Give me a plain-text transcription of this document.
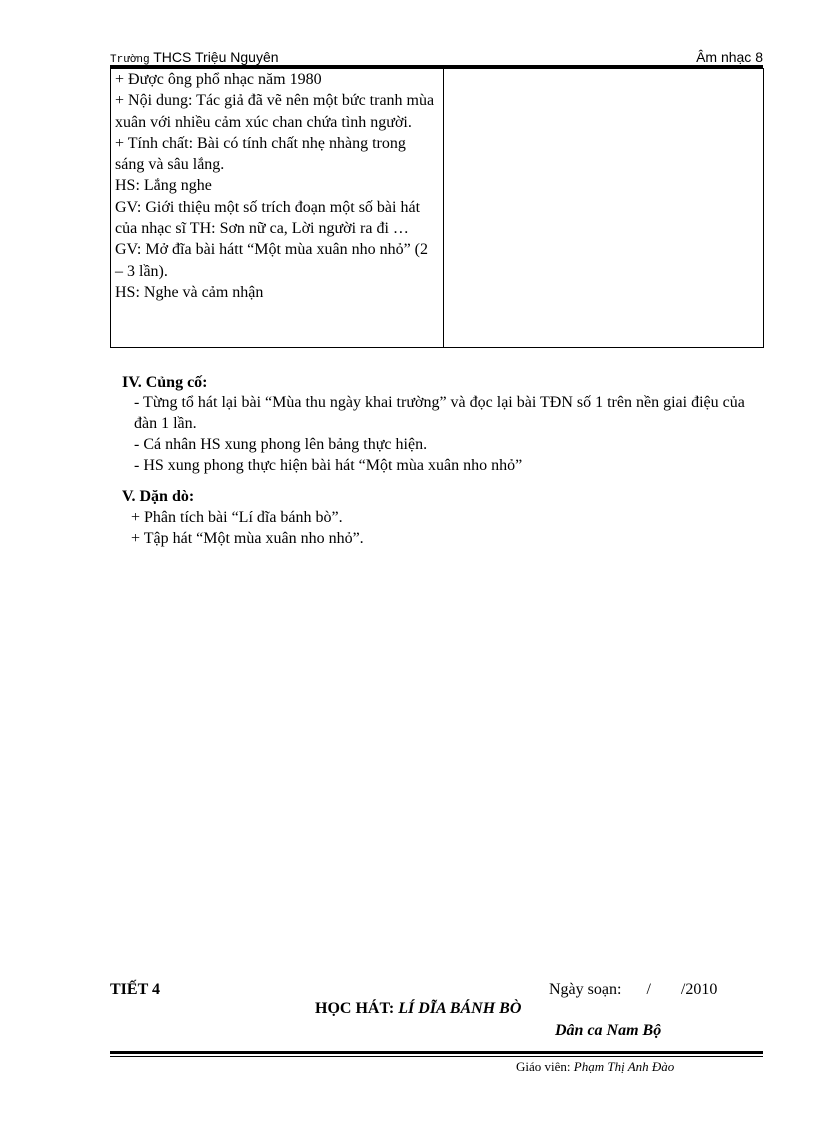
Trường THCS Triệu Nguyên	Âm nhạc 8
+ Được ông phổ nhạc năm 1980
+ Nội dung: Tác giả đã vẽ nên một bức tranh mùa xuân với nhiều cảm xúc chan chứa tình người.
+ Tính chất: Bài có tính chất nhẹ nhàng trong sáng và sâu lắng.
HS: Lắng nghe
GV: Giới thiệu một số trích đoạn một số bài hát của nhạc sĩ TH: Sơn nữ ca, Lời người ra đi …
GV: Mở đĩa bài hátt “Một mùa xuân nho nhỏ” (2 – 3 lần).
HS: Nghe và cảm nhận

IV. Củng cố:

- Từng tổ hát lại bài “Mùa thu ngày khai trường” và đọc lại bài TĐN số 1 trên nền giai điệu của đàn 1 lần.

- Cá nhân HS xung phong lên bảng thực hiện.

- HS xung phong thực hiện bài hát “Một mùa xuân nho nhỏ”

V. Dặn dò:

+ Phân tích bài “Lí dĩa bánh bò”.

+ Tập hát “Một mùa xuân nho nhỏ”.

TIẾT 4	Ngày soạn: / /2010
HỌC HÁT: LÍ DĨA BÁNH BÒ
Dân ca Nam Bộ
Giáo viên: Phạm Thị Anh Đào
